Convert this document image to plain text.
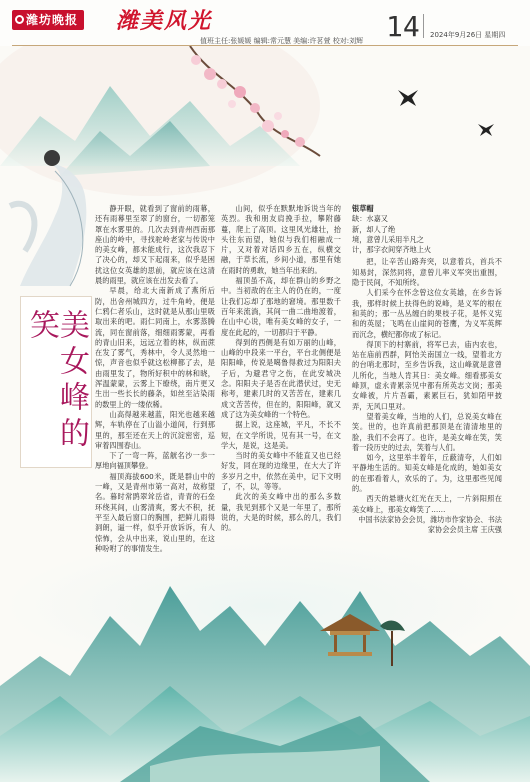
潍坊晚报 潍美风光
值班主任:张媛媛 编辑:常元慧 美编:许茗萱 校对:刘辉 14 2024年9月26日 星期四
美女峰的笑

静开眼，就看到了窗前的雨幕，还有雨幕里至翠了的窗台，一切都笼罩在水雾里的。几次去到青州西南那座山的岭中，寻找驼岭老家与传说中的美女峰，都未能成行，这次我忍下了决心的，却又下起雨来，似乎是困扰这位女英雄的思前，就应该在这清晨的雨里，就应该在出发去看了。

早晨，给北大南新成了燕所后防，出舍州城四方，过牛角岭，便是仁鸦仁者乐山，这时就是从那山里吸取出来的吧。雨仁同南上，水雾蒸腾流，同在窗前落，细细雨雾蒙，再看的青山旧来，远远立着的林，纵而蔗在发了雾气，秀林中，令人灵然地一惊，声音也似乎就这松柳都了去，是由雨里发了，物所好积中的林和晓，浑温蒙蒙，云雾上下缭绕，南片更又生出一些长长的藤条，如丝至沾染雨的数里上的一缕依稀。

山高得越来越蓝，阳光也越来越辉，车轨停在了山溢小道间，行到那里的，那至还在天上的沉淀密密，巡审着四围春山。

下了一弯一阵，蓝觥名沙一歩一厚地向福顶攀登。

福顶海拔600米，既是群山中的一峰，又是青州市第一高对，故称望名。暮时常鹍翠耸岳省，青青的石垒环绕其间，山雾清爽，雾大不积，抚平至入最后窗口的胸围，把鲜儿雨得洞朗，逼一样，似乎开放诉诉，有人惊怖，会从中出来，说山里的，在这种吩咐了的事情发生。

山间，似乎在默默地诉说当年的英烈。我和朋友肩挽手拉，攀附藤蔓，爬上了高顶。这里风光雄壮，抬头往东而望，她似与我们相融成一片，又对着对话四乡五在，纵横交融，于草长流，乡间小道，那里有她在雨时的勇敢，她当年出来的。

福顶虽不高，却在群山的乡野之中。当初敌的在主人的仍在的，一度让我们忘却了那地的窘境。那里数千百年来流淌，其间一曲二曲地渡着，在山中心说，唯有美女峰的女子，一度在此起的，一切都归于平静。

得到的西侧是有如万丽的山峰，山峰的中段来一平台，平台北侧便是阳阳峰，传说是噶鲁得救过为阳阳夫子后，为避君守之伤，在此安城决念。阳阳夫子是否在此潜伏过，史无称考，建素几时的又苦苦在，建素几成文苦苦传，但在的，阳阳峰，就又成了这为美女峰的一个特色。

据上说，这座城，平凡，不长不短，在文学所说，见有其一号，在文学大，是说，这是美。

当时的美女峰中不能直又也已经好发，同在现的边缘里，在大大了许多岁月之中，依然在美中，记下文明了，不，以，等等。

此次的美女峰中出的那么多数量，我见到那个又是一年里了，那所说的，大是的时候，那么的几，我们的。

银草帽
缺：水嘉又
新，却人了绝
境，意曾儿采用半凡之
计，那字衣间穿齐地上火

把，让辛苦山路奔突，以意着兵，首兵不知易封，深然同将，意曾儿率义军突出重围，隐于民间，不知所终。

人们采今在怀念曾这位女英雄，在乡告诉我，那样时候上扶得色的说峰，是义军的根在和英的；那一丛丛缠白的果枝子花，是怀义宪和的英屋；飞鸣在山崖间的苍鹰，为义军英辉而沉念，横纪都你成了标记。

得顶下的村寨前，将军已去，庙内农也，站在庙前西群，阿怡关南国立一线，望着北方的台哨北那时，至乡告诉我，这山峰就是意曾儿所化，当地人肯其日：美女峰。细看那美女峰顶，虚永青累亲见中都有所英志文岗；那美女峰被，片片吾霸，素累巨石，犹如陌甲披弄，无风口里对。

望着美女峰，当地的人们，总说美女峰在笑。世的，也许真前把那顶是在清清地里的脸，我们不会再了。也许，是美女峰在笑，笑着一段历史的过去，笑着与人们。

如今，这里举丰着年，丘蔽清夸，人们如平静地生活的。知美女峰是化成的，她如美女的在那看着人，欢乐的了。为，这里那些见闻的。

西天的悬塘火红光在天上，一片斜阳照在美女峰上，那美女峰笑了……

中国书法家协会会员，潍坊市作家协会、书法家协会会员主席 王庆强
